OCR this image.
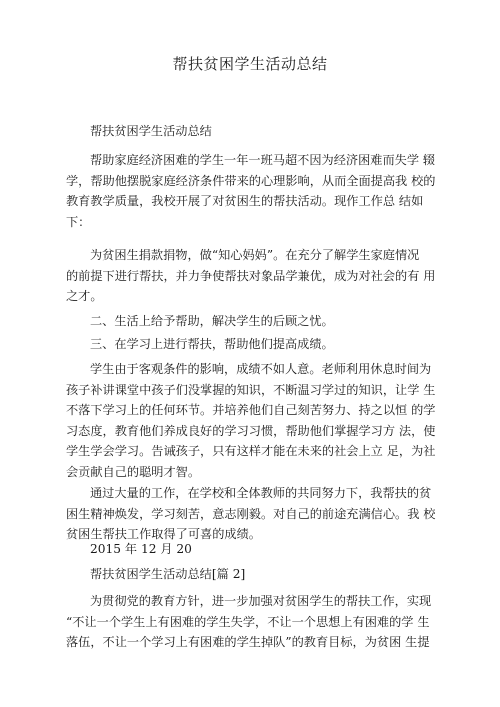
帮扶贫困学生活动总结
帮扶贫困学生活动总结
帮助家庭经济困难的学生一年一班马超不因为经济困难而失学 辍
学，帮助他摆脱家庭经济条件带来的心理影响，从而全面提高我 校的
教育教学质量，我校开展了对贫困生的帮扶活动。现作工作总 结如
下：
为贫困生捐款捐物，做“知心妈妈”。在充分了解学生家庭情况
的前提下进行帮扶，并力争使帮扶对象品学兼优，成为对社会的有 用
之才。
二、生活上给予帮助，解决学生的后顾之忧。
三、在学习上进行帮扶，帮助他们提高成绩。
学生由于客观条件的影响，成绩不如人意。老师利用休息时间为
孩子补讲课堂中孩子们没掌握的知识，不断温习学过的知识，让学 生
不落下学习上的任何环节。并培养他们自己刻苦努力、持之以恒 的学
习态度，教育他们养成良好的学习习惯，帮助他们掌握学习方 法，使
学生学会学习。告诫孩子，只有这样才能在未来的社会上立 足，为社
会贡献自己的聪明才智。
通过大量的工作，在学校和全体教师的共同努力下，我帮扶的贫
困生精神焕发，学习刻苦，意志刚毅。对自己的前途充满信心。我 校
贫困生帮扶工作取得了可喜的成绩。
2015 年 12 月 20
帮扶贫困学生活动总结[篇 2]
为贯彻党的教育方针，进一步加强对贫困学生的帮扶工作，实现
“不让一个学生上有困难的学生失学，不让一个思想上有困难的学 生
落伍，不让一个学习上有困难的学生掉队”的教育目标，为贫困 生提
